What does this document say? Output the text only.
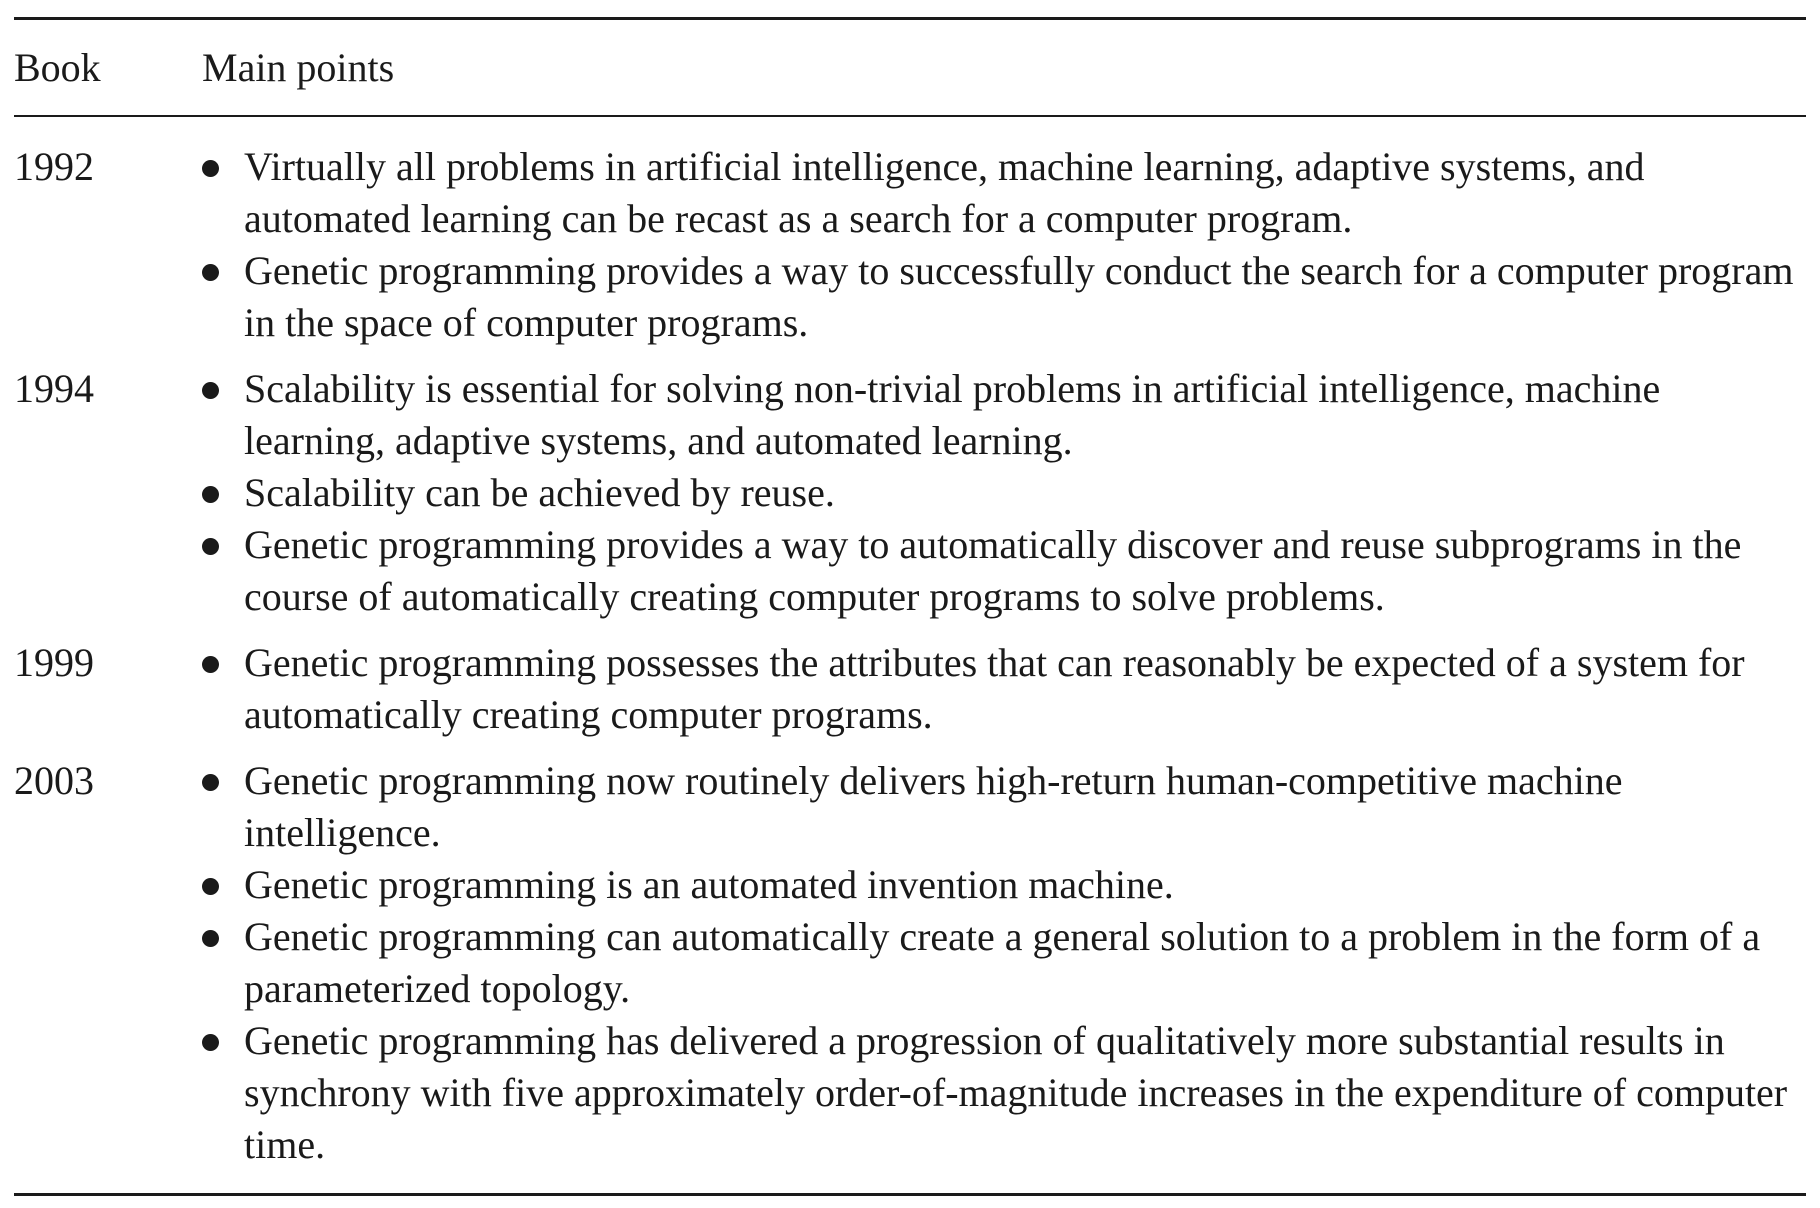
Book	Main points
1992	Virtually all problems in artificial intelligence, machine learning, adaptive systems, and automated learning can be recast as a search for a computer program.
Genetic programming provides a way to successfully conduct the search for a computer program in the space of computer programs.
1994	Scalability is essential for solving non-trivial problems in artificial intelligence, machine learning, adaptive systems, and automated learning.
Scalability can be achieved by reuse.
Genetic programming provides a way to automatically discover and reuse subprograms in the course of automatically creating computer programs to solve problems.
1999	Genetic programming possesses the attributes that can reasonably be expected of a system for automatically creating computer programs.
2003	Genetic programming now routinely delivers high-return human-competitive machine intelligence.
Genetic programming is an automated invention machine.
Genetic programming can automatically create a general solution to a problem in the form of a parameterized topology.
Genetic programming has delivered a progression of qualitatively more substantial results in synchrony with five approximately order-of-magnitude increases in the expenditure of computer time.
